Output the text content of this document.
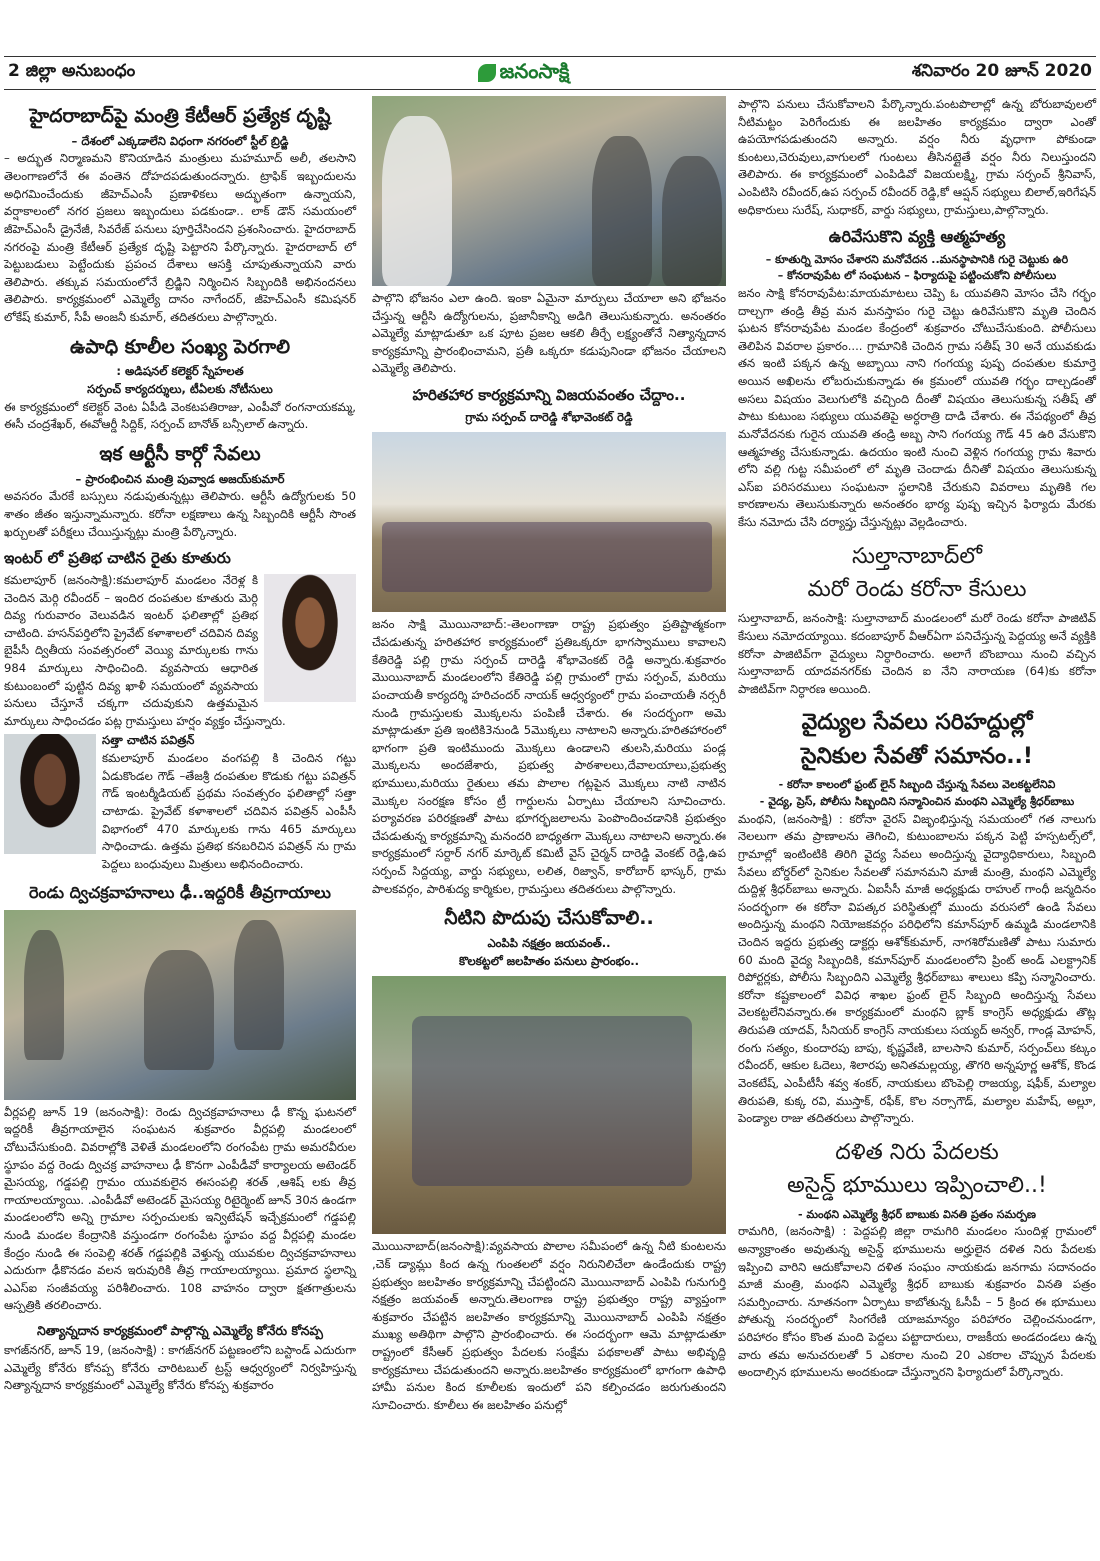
2 జిల్లా అనుబంధం	జనంసాక్షి	శనివారం 20 జూన్ 2020
హైదరాబాద్‌పై మంత్రి కేటీఆర్ ప్రత్యేక దృష్టి
– దేశంలో ఎక్కడాలేని విధంగా నగరంలో స్టీల్ బ్రిడ్జి

– అద్భుత నిర్మాణమని కొనియాడిన మంత్రులు మహమూద్ అలీ, తలసాని తెలంగాణలోనే ఈ వంతెన దోహదపడుతుందన్నారు. ట్రాఫిక్ ఇబ్బందులను అధిగమించేందుకు జీహెచ్ఎంసీ ప్రణాళికలు అద్భుతంగా ఉన్నాయని, వర్షాకాలంలో నగర ప్రజలు ఇబ్బందులు పడకుండా.. లాక్ డౌన్ సమయంలో జీహెచ్ఎంసీ డ్రైనేజీ, సివరేజ్ పనులు పూర్తిచేసిందని ప్రశంసించారు. హైదరాబాద్ నగరంపై మంత్రి కేటీఆర్ ప్రత్యేక దృష్టి పెట్టారని పేర్కొన్నారు. హైదరాబాద్ లో పెట్టుబడులు పెట్టేందుకు ప్రపంచ దేశాలు ఆసక్తి చూపుతున్నాయని వారు తెలిపారు. తక్కువ సమయంలోనే బ్రిడ్జిని నిర్మించిన సిబ్బందికి అభినందనలు తెలిపారు. కార్యక్రమంలో ఎమ్మెల్యే దానం నాగేందర్, జీహెచ్ఎంసీ కమిషనర్ లోకేష్ కుమార్, సీపీ అంజనీ కుమార్, తదితరులు పాల్గొన్నారు.

ఉపాధి కూలీల సంఖ్య పెరగాలి
: అడిషనల్ కలెక్టర్ స్నేహలత
సర్పంచ్ కార్యదర్శులు, టీఏలకు నోటీసులు

ఈ కార్యక్రమంలో కలెక్టర్ వెంట ఏపీడి వెంకటపతిరాజు, ఎంపీవో రంగనాయకమ్మ, ఈసీ చంద్రశేఖర్, ఈవోఆర్డీ సిద్దిక్, సర్పంచ్ బానోత్ బన్సీలాల్ ఉన్నారు.

ఇక ఆర్టీసీ కార్గో సేవలు
– ప్రారంభించిన మంత్రి పువ్వాడ అజయ్‌కుమార్

అవసరం మేరకే బస్సులు నడుపుతున్నట్లు తెలిపారు. ఆర్టీసీ ఉద్యోగులకు 50 శాతం జీతం ఇస్తున్నామన్నారు. కరోనా లక్షణాలు ఉన్న సిబ్బందికి ఆర్టీసీ సొంత ఖర్చులతో పరీక్షలు చేయిస్తున్నట్లు మంత్రి పేర్కొన్నారు.

ఇంటర్ లో ప్రతిభ చాటిన రైతు కూతురు

కమలాపూర్ (జనంసాక్షి):కమలాపూర్ మండలం నేరెళ్ల కి చెందిన మెర్గి రవీందర్ – ఇందిర దంపతుల కూతురు మెర్గి దివ్య గురువారం వెలువడిన ఇంటర్ ఫలితాల్లో ప్రతిభ చాటింది. హసన్‌పర్తిలోని ప్రైవేట్ కళాశాలలో చదివిన దివ్య బైపీసీ ద్వితీయ సంవత్సరంలో వెయ్యి మార్కులకు గాను 984 మార్కులు సాధించింది. వ్యవసాయ ఆధారిత కుటుంబంలో పుట్టిన దివ్య ఖాళీ సమయంలో వ్యవసాయ పనులు చేస్తూనే చక్కగా చదువుకుని ఉత్తమమైన మార్కులు సాధించడం పట్ల గ్రామస్తులు హర్షం వ్యక్తం చేస్తున్నారు.

సత్తా చాటిన పవిత్రన్

కమలాపూర్ మండలం వంగపల్లి కి చెందిన గట్టు ఏడుకొండల గౌడ్ –తేజశ్రీ దంపతుల కొడుకు గట్టు పవిత్రన్ గౌడ్ ఇంటర్మీడియట్ ప్రథమ సంవత్సరం ఫలితాల్లో సత్తా చాటాడు. ప్రైవేట్ కళాశాలలో చదివిన పవిత్రన్ ఎంపీసీ విభాగంలో 470 మార్కులకు గాను 465 మార్కులు సాధించాడు. ఉత్తమ ప్రతిభ కనబరిచిన పవిత్రన్ ను గ్రామ పెద్దలు బంధువులు మిత్రులు అభినందించారు.

రెండు ద్విచక్రవాహనాలు ఢీ..ఇద్దరికీ తీవ్రగాయాలు

వీర్లపల్లి జూన్ 19 (జనంసాక్షి): రెండు ద్విచక్రవాహనాలు ఢీ కొన్న ఘటనలో ఇద్దరికీ తీవ్రగాయాలైన సంఘటన శుక్రవారం వీర్లపల్లి మండలంలో చోటుచేసుకుంది. వివరాల్లోకి వెళితే మండలంలోని రంగంపేట గ్రామ అమరవీరుల స్థూపం వద్ద రెండు ద్విచక్ర వాహనాలు ఢీ కొనగా ఎంపీడీవో కార్యాలయ అటెండర్ మైసయ్య, గడ్డపల్లి గ్రామం యువకులైన ఈసంపల్లి శరత్ ,ఆశిష్ లకు తీవ్ర గాయాలయ్యాయి. .ఎంపీడీవో అటెండర్ మైసయ్య రిటైర్మెంట్ జూన్ 30న ఉండగా మండలంలోని అన్ని గ్రామాల సర్పంచులకు ఇన్విటేషన్ ఇచ్చేక్రమంలో గడ్డపల్లి నుండి మండల కేంద్రానికి వస్తుండగా రంగంపేట స్థూపం వద్ద వీర్లపల్లి మండల కేంద్రం నుండి ఈ సంపెల్లి శరత్ గడ్డపల్లికి వెళ్తున్న యువకుల ద్విచక్రవాహనాలు ఎదురుగా ఢీకొనడం వలన ఇరువురికి తీవ్ర గాయాలయ్యాయి. ప్రమాద స్థలాన్ని ఎఎస్ఐ సంజీవయ్య పరిశీలించారు. 108 వాహనం ద్వారా క్షతగాత్రులను ఆస్పత్రికి తరలించారు.

నిత్యాన్నదాన కార్యక్రమంలో పాల్గొన్న ఎమ్మెల్యే కోనేరు కోనప్ప

కాగజ్‌నగర్, జూన్ 19, (జనంసాక్షి) : కాగజ్‌నగర్ పట్టణంలోని బస్టాండ్ ఎదురుగా ఎమ్మెల్యే కోనేరు కోనప్ప కోనేరు చారిటబుల్ ట్రస్ట్ ఆధ్వర్యంలో నిర్వహిస్తున్న నిత్యాన్నదాన కార్యక్రమంలో ఎమ్మెల్యే కోనేరు కోనప్ప శుక్రవారం

పాల్గొని భోజనం ఎలా ఉంది. ఇంకా ఏమైనా మార్పులు చేయాలా అని భోజనం చేస్తున్న ఆర్టీసి ఉద్యోగులను, ప్రజానీకాన్ని అడిగి తెలుసుకున్నారు. అనంతరం ఎమ్మెల్యే మాట్లాడుతూ ఒక పూట ప్రజల ఆకలి తీర్చే లక్ష్యంతోనే నిత్యాన్నదాన కార్యక్రమాన్ని ప్రారంభించామని, ప్రతీ ఒక్కరూ కడుపునిండా భోజనం చేయాలని ఎమ్మెల్యే తెలిపారు.

హరితహార కార్యక్రమాన్ని విజయవంతం చేద్దాం..
గ్రామ సర్పంచ్ దారెడ్డి శోభావెంకట్ రెడ్డి

జనం సాక్షి మొయినాబాద్:-తెలంగాణా రాష్ట్ర ప్రభుత్వం ప్రతిష్టాత్మకంగా చేపడుతున్న హరితహార కార్యక్రమంలో ప్రతిఒక్కరూ భాగస్వాములు కావాలని కేతిరెడ్డి పల్లి గ్రామ సర్పంచ్ దారెడ్డి శోభావెంకట్ రెడ్డి అన్నారు.శుక్రవారం మొయినాబాద్ మండలంలోని కేతిరెడ్డి పల్లి గ్రామంలో గ్రామ సర్పంచ్, మరియు పంచాయతీ కార్యదర్శి హరిచందర్ నాయక్ ఆధ్వర్యంలో గ్రామ పంచాయతీ నర్సరీ నుండి గ్రామస్తులకు మొక్కలను పంపిణీ చేశారు. ఈ సందర్బంగా అమె మాట్లాడుతూ ప్రతి ఇంటికి3నుండి 5మొక్కలు నాటాలని అన్నారు.హరితహారంలో భాగంగా ప్రతి ఇంటిముందు మొక్కలు ఉండాలని తులసి,మరియు పండ్ల మొక్కలను అందజేశారు, ప్రభుత్వ పాఠశాలలు,దేవాలయాలు,ప్రభుత్వ భూములు,మరియు రైతులు తమ పొలాల గట్లపైన మొక్కలు నాటి నాటిన మొక్కల సంరక్షణ కోసం ట్రీ గార్డులను ఏర్పాటు చేయాలని సూచించారు. పర్యావరణ పరిరక్షణతో పాటు భూగర్భజలాలను పెంపొందించడానికి ప్రభుత్వం చేపడుతున్న కార్యక్రమాన్ని మనందరి బాధ్యతగా మొక్కలు నాటాలని అన్నారు.ఈ కార్యక్రమంలో సర్దార్ నగర్ మార్కెట్ కమిటీ వైస్ చైర్మన్ దారెడ్డి వెంకట్ రెడ్డి,ఉప సర్పంచ్ సిద్దయ్య, వార్డు సభ్యులు, లలిత, రిజ్వాన్, కారోబార్ భాస్కర్, గ్రామ పాలకవర్గం, పారిశుద్య కార్మికుల, గ్రామస్తులు తదితరులు పాల్గొన్నారు.

నీటిని పొదుపు చేసుకోవాలి..
ఎంపిపి నక్షత్రం జయవంత్..
కొలకట్టలో జలహితం పనులు ప్రారంభం..

మొయినాబాద్(జనంసాక్షి):వ్యవసాయ పొలాల సమీపంలో ఉన్న నీటి కుంటలను ,చెక్ డ్యామ్లు కింద ఉన్న గుంతలలో వర్షం నిరునిలిచేలా ఉండేందుకు రాష్ట్ర ప్రభుత్వం జలహితం కార్యక్రమాన్ని చేపట్టిందని మొయినాబాద్ ఎంపిపి గునుగుర్తి నక్షత్రం జయవంత్ అన్నారు.తెలంగాణ రాష్ట్ర ప్రభుత్వం రాష్ట్ర వ్యాప్తంగా శుక్రవారం చేపట్టిన జలహితం కార్యక్రమాన్ని మొయినాబాద్ ఎంపిపి నక్షత్రం ముఖ్య అతిథిగా పాల్గొని ప్రారంభించారు. ఈ సందర్బంగా ఆమె మాట్లాడుతూ రాష్ట్రంలో కేసీఆర్ ప్రభుత్వం పేదలకు సంక్షేమ పథకాలతో పాటు అభివృద్ది కార్యక్రమాలు చేపడుతుందని అన్నారు.జలహితం కార్యక్రమంలో భాగంగా ఉపాధి హామీ పనుల కింద కూలీలకు ఇందులో పని కల్పించడం జరుగుతుందని సూచించారు. కూలీలు ఈ జలహితం పనుల్లో

పాల్గొని పనులు చేసుకోవాలని పేర్కొన్నారు.పంటపొలాల్లో ఉన్న బోరుబావులలో నీటిమట్టం పెరిగేందుకు ఈ జలహితం కార్యక్రమం ద్వారా ఎంతో ఉపయోగపడుతుందని అన్నారు. వర్షం నీరు వృధాగా పోకుండా కుంటలు,చెరువులు,వాగులలో గుంటలు తీసినట్లైతే వర్షం నీరు నిలుస్తుందని తెలిపారు. ఈ కార్యక్రమంలో ఎంపిడివో విజయలక్ష్మి, గ్రామ సర్పంచ్ శ్రీనివాస్, ఎంపిటిసి రవీందర్,ఉప సర్పంచ్ రవీందర్ రెడ్డి,కో ఆప్షన్ సభ్యులు బిలాల్,ఇరిగేషన్ అధికారులు సురేష్, సుధాకర్, వార్డు సభ్యులు, గ్రామస్తులు,పాల్గొన్నారు.

ఉరివేసుకొని వ్యక్తి ఆత్మహత్య
– కూతుర్ని మోసం చేశారని మనోవేదన ..మనస్థాపానికి గురై చెట్టుకు ఉరి
– కోనరావుపేట లో సంఘటన – ఫిర్యాదుపై పట్టించుకోని పోలీసులు

జనం సాక్షి కోనరావుపేట:మాయమాటలు చెప్పి ఓ యువతిని మోసం చేసి గర్భం దాల్చగా తండ్రి తీవ్ర మన మనస్తాపం గురై చెట్టు ఉరివేసుకొని మృతి చెందిన ఘటన కోనరావుపేట మండల కేంద్రంలో శుక్రవారం చోటుచేసుకుంది. పోలీసులు తెలిపిన వివరాల ప్రకారం.... గ్రామానికి చెందిన గ్రామ సతీష్ 30 అనే యువకుడు తన ఇంటి పక్కన ఉన్న అబ్బాయి నాని గంగయ్య పుష్ప దంపతుల కుమార్తె అయిన అఖిలను లోబరుచుకున్నాడు ఈ క్రమంలో యువతి గర్భం దాల్చడంతో అసలు విషయం వెలుగులోకి వచ్చింది దీంతో విషయం తెలుసుకున్న సతీష్ తో పాటు కుటుంబ సభ్యులు యువతిపై అర్ధరాత్రి దాడి చేశారు. ఈ నేపథ్యంలో తీవ్ర మనోవేదనకు గురైన యువతి తండ్రి అబ్బ సాని గంగయ్య గౌడ్ 45 ఉరి వేసుకొని ఆత్మహత్య చేసుకున్నాడు. ఉదయం ఇంటి నుంచి వెళ్లిన గంగయ్య గ్రామ శివారు లోని వల్లి గుట్ట సమీపంలో లో మృతి చెందాడు దీనితో విషయం తెలుసుకున్న ఎస్ఐ పరిసరములు సంఘటనా స్థలానికి చేరుకుని వివరాలు మృతికి గల కారణాలను తెలుసుకున్నారు అనంతరం భార్య పుష్ప ఇచ్చిన ఫిర్యాదు మేరకు కేసు నమోదు చేసి దర్యాప్తు చేస్తున్నట్లు వెల్లడించారు.

సుల్తానాబాద్‌లో
మరో రెండు కరోనా కేసులు

సుల్తానాబాద్, జనంసాక్షి: సుల్తానాబాద్ మండలంలో మరో రెండు కరోనా పాజిటివ్ కేసులు నమోదయ్యాయి. కదంబాపూర్ వీఆర్‌ఏగా పనిచేస్తున్న పెద్దయ్య అనే వ్యక్తికి కరోనా పాజిటివ్‌గా వైద్యులు నిర్ధారించారు. అలాగే బొంబాయి నుంచి వచ్చిన సుల్తానాబాద్ యాదవనగర్‌కు చెందిన ఐ నేని నారాయణ (64)కు కరోనా పాజిటివ్‌గా నిర్ధారణ అయింది.

వైద్యుల సేవలు సరిహద్దుల్లో
సైనికుల సేవతో సమానం..!
- కరోనా కాలంలో ఫ్రంట్ లైన్ సిబ్బంది చేస్తున్న సేవలు వెలకట్టలేనివి
- వైద్య, ప్రెస్, పోలీసు సిబ్బందిని సన్మానించిన మంథని ఎమ్మెల్యే శ్రీధర్‌బాబు

మంథని, (జనంసాక్షి) : కరోనా వైరస్ విజృంభిస్తున్న సమయంలో గత నాలుగు నెలలుగా తమ ప్రాణాలను తెగించి, కుటుంబాలను పక్కన పెట్టి హస్పటల్స్‌లో, గ్రామాల్లో ఇంటింటికి తిరిగి వైద్య సేవలు అందిస్తున్న వైద్యాధికారులు, సిబ్బంది సేవలు బోర్డర్‌లో సైనికుల సేవలతో సమానమని మాజీ మంత్రి, మంథని ఎమ్మెల్యే దుద్దిళ్ల శ్రీధర్‌బాబు అన్నారు. ఏఐసీసీ మాజీ అధ్యక్షుడు రాహుల్ గాంధీ జన్మదినం సందర్భంగా ఈ కరోనా విపత్కర పరిస్థితుల్లో ముందు వరుసలో ఉండి సేవలు అందిస్తున్న మంథని నియోజకవర్గం పరిధిలోని కమాన్‌పూర్ ఉమ్మడి మండలానికి చెందిన ఇద్దరు ప్రభుత్వ డాక్టర్లు ఆశోక్‌కుమార్, నాగశిరోమణితో పాటు సుమారు 60 మంది వైద్య సిబ్బందికి, కమాన్‌పూర్ మండలంలోని ప్రింట్ అండ్ ఎలక్ట్రానిక్ రిపోర్టర్లకు, పోలీసు సిబ్బందిని ఎమ్మెల్యే శ్రీధర్‌బాబు శాలులు కప్పి సన్మానించారు. కరోనా కష్టకాలంలో వివిధ శాఖల ఫ్రంట్ లైన్ సిబ్బంది అందిస్తున్న సేవలు వెలకట్టలేనివన్నారు.ఈ కార్యక్రమంలో మంథని బ్లాక్ కాంగ్రెస్ అధ్యక్షుడు తొట్ల తిరుపతి యాదవ్, సీనియర్ కాంగ్రెస్ నాయకులు సయ్యద్ అన్వర్, గాండ్ల మోహన్, రంగు సత్యం, కుందారపు బాపు, కృష్ణవేణి, బాలసాని కుమార్, సర్పంచ్‌లు కట్కం రవీందర్, ఆకుల ఓదెలు, శిలారపు అనితమల్లయ్య, తొగరి అన్నపూర్ణ ఆశోక్, కొండ వెంకటేష్, ఎంపీటీసీ శవ్వ శంకర్, నాయకులు బొంపెల్లి రాజయ్య, షఫీక్, మల్యాల తిరుపతి, కుక్క రవి, ముస్తాక్, రఫీక్, కొల నర్సాగౌడ్, మల్యాల మహేష్, అల్లూ, పెండ్యాల రాజు తదితరులు పాల్గొన్నారు.

దళిత నిరు పేదలకు
అసైన్డ్ భూములు ఇప్పించాలి..!
- మంథని ఎమ్మెల్యే శ్రీధర్ బాబుకు వినతి ప్రతం సమర్పణ

రామగిరి, (జనంసాక్షి) : పెద్దపల్లి జిల్లా రామగిరి మండలం సుందిళ్ల గ్రామంలో అన్యాక్రాంతం అవుతున్న అసైన్డ్ భూములను అర్హులైన దళిత నిరు పేదలకు ఇప్పించి వారిని ఆదుకోవాలని దళిత సంఘం నాయకుడు జనగామ సదానందం మాజీ మంత్రి, మంథని ఎమ్మెల్యే శ్రీధర్ బాబుకు శుక్రవారం వినతి పత్రం సమర్పించారు. నూతనంగా ఏర్పాటు కాబోతున్న ఓసీపీ – 5 క్రింద ఈ భూములు పోతున్న సందర్భంలో సింగరేణి యాజమాన్యం పరిహారం చెల్లించనుండగా, పరిహారం కోసం కొంత మంది పెద్దలు పట్టాదారులు, రాజకీయ అండదండలు ఉన్న వారు తమ అనుచరులతో 5 ఎకరాల నుంచి 20 ఎకరాల చొప్పున పేదలకు అందాల్సిన భూములను అందకుండా చేస్తున్నారని ఫిర్యాదులో పేర్కొన్నారు.
